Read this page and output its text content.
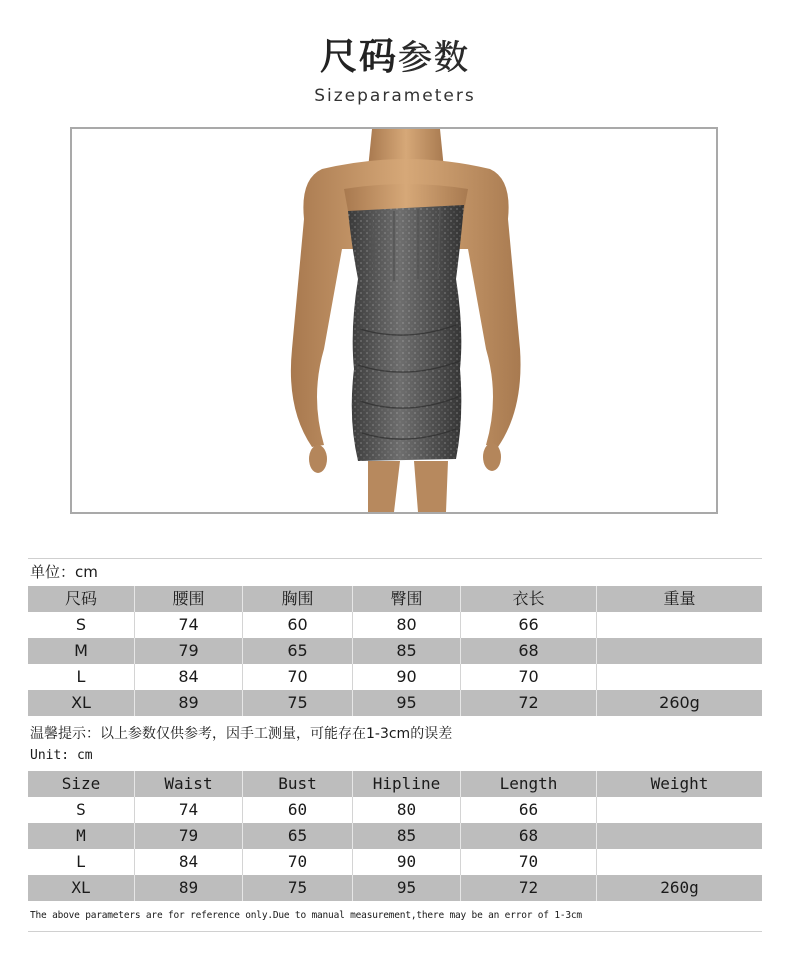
尺码参数
Sizeparameters
单位：cm
尺码	腰围	胸围	臀围	衣长	重量
S	74	60	80	66
M	79	65	85	68
L	84	70	90	70
XL	89	75	95	72	260g
温馨提示：以上参数仅供参考，因手工测量，可能存在1-3cm的误差
Unit: cm
Size	Waist	Bust	Hipline	Length	Weight
S	74	60	80	66
M	79	65	85	68
L	84	70	90	70
XL	89	75	95	72	260g
The above parameters are for reference only.Due to manual measurement,there may be an error of 1-3cm
